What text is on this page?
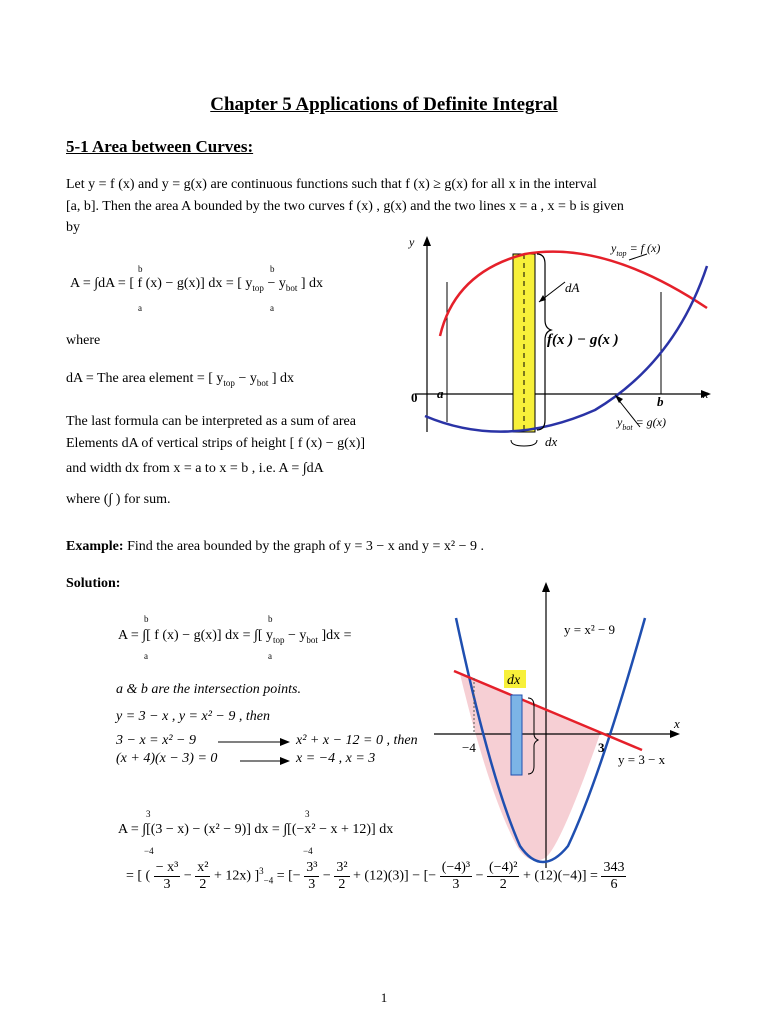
Chapter 5 Applications of Definite Integral
5-1 Area between Curves:
Let y = f (x) and y = g(x) are continuous functions such that f (x) ≥ g(x) for all x in the interval
[a, b]. Then the area A bounded by the two curves f (x) , g(x) and the two lines x = a , x = b is given
by
A = ∫dA = [ f (x) − g(x)] dx = [ $y_{top} - y_{bot}$ ] dx
b
a
b
a
where
dA = The area element = [ $y_{top} - y_{bot}$ ] dx
The last formula can be interpreted as a sum of area
Elements dA of vertical strips of height [ f (x) − g(x)]
and width dx from x = a to x = b , i.e. A = ∫dA
where (∫ ) for sum.
y
x
0 a
b
$y_{top} = f$ (x)
dA
f(x ) − g(x )
$y_{bot} = g(x)$
dx
Example: Find the area bounded by the graph of y = 3 − x and y = x² − 9 .
Solution:
A = ∫[ f (x) − g(x)] dx = ∫[ $y_{top} - y_{bot}$ ]dx =
b
a
b
a
a & b are the intersection points.
y = 3 − x , y = x² − 9 , then
3 − x = x² − 9	x² + x − 12 = 0 , then
(x + 4)(x − 3) = 0	x = −4 , x = 3
x
dx
−4	3
y = x² − 9
y = 3 − x
A = ∫[(3 − x) − (x² − 9)] dx = ∫[(−x² − x + 12)] dx
3
−4
3
−4
= [ ( $\frac{\text{− x³}}{3} - \frac{\text{x²}}{2} + 12x$) ]$^3_{-4}$ = [− $\frac{\text{3³}}{3} - \frac{\text{3²}}{2} + (12)(3)$] − [− $\frac{\text{(−4)³}}{3} - \frac{\text{(−4)²}}{2} + (12)(-4)] = \frac{343}{6}$
1
